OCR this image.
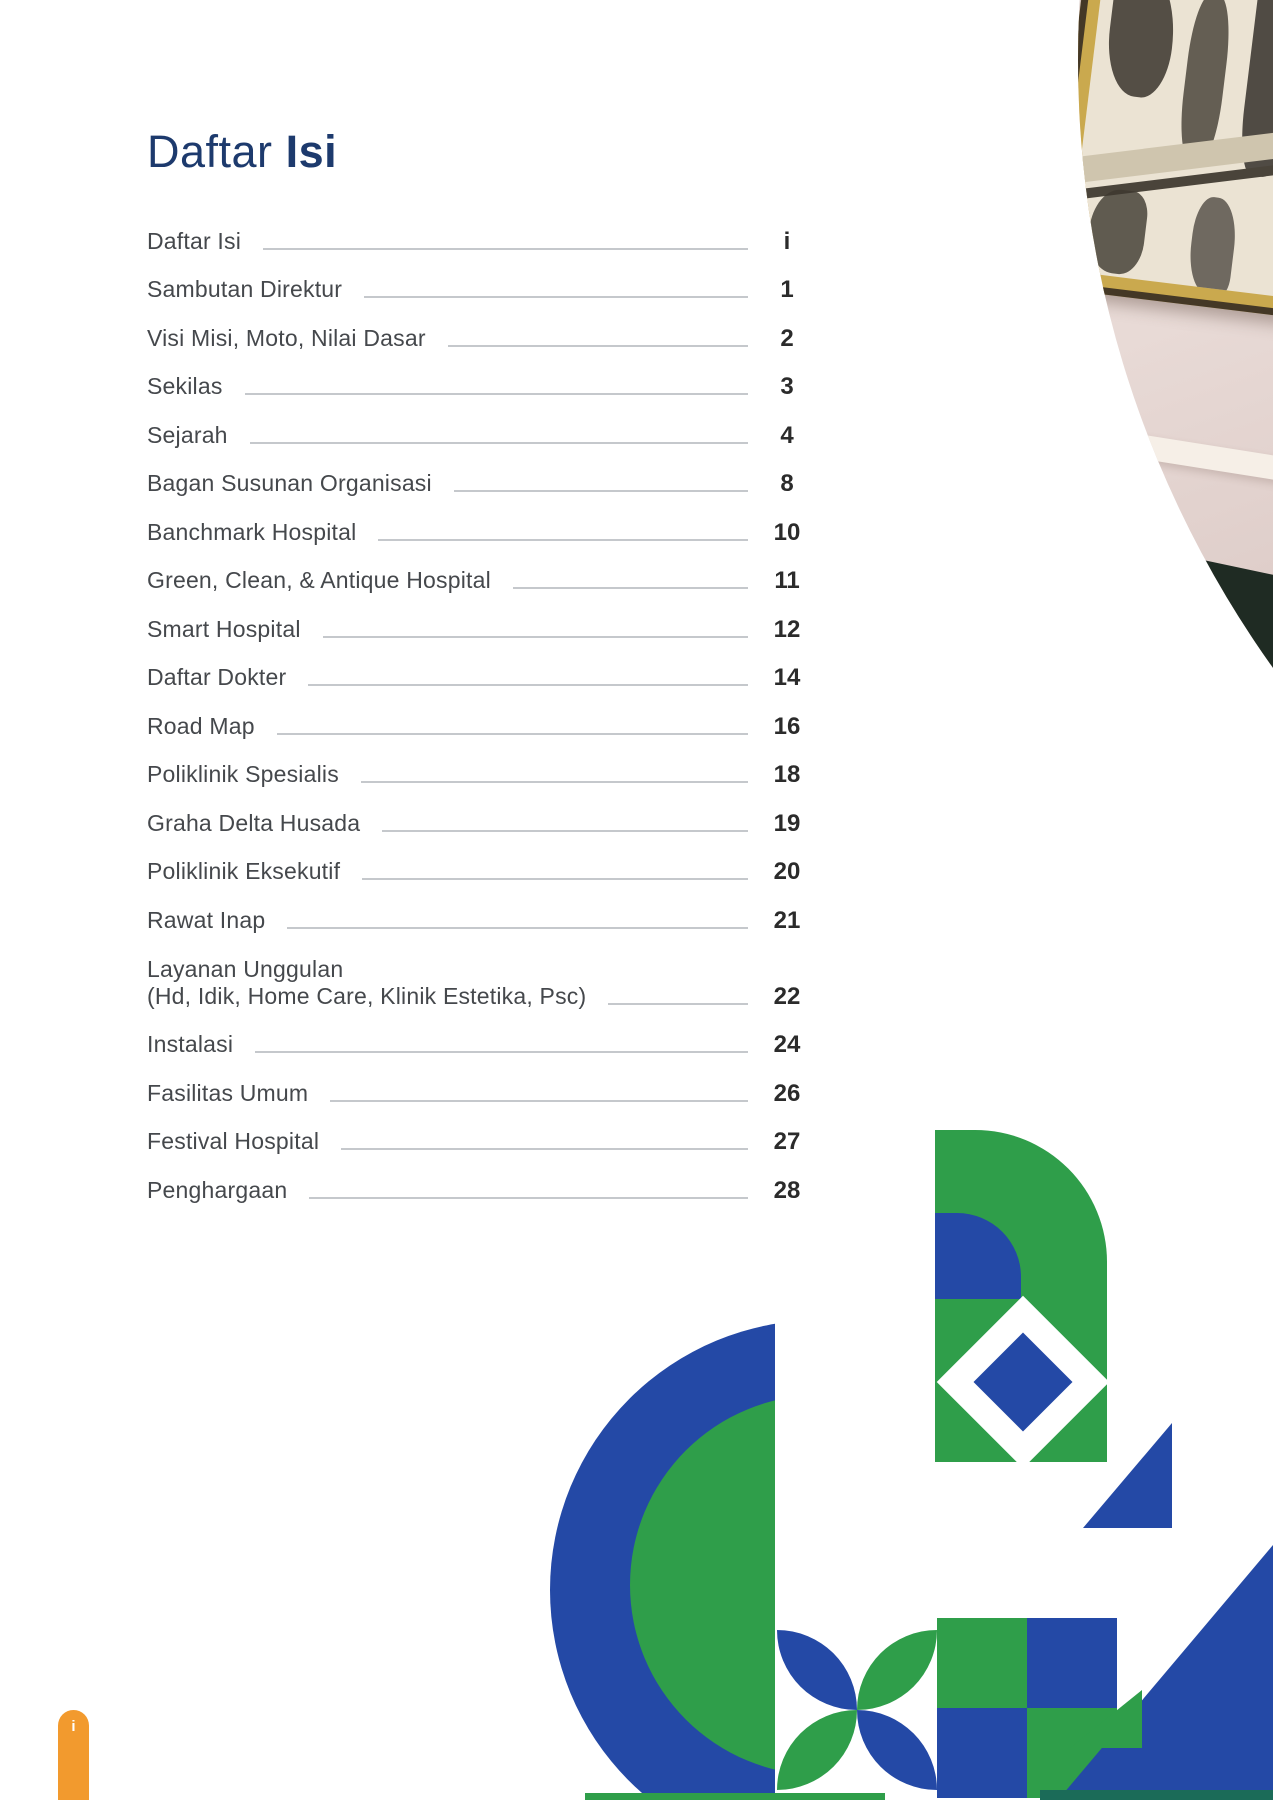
Daftar Isi
Daftar Isi	i
Sambutan Direktur	1
Visi Misi, Moto, Nilai Dasar	2
Sekilas	3
Sejarah	4
Bagan Susunan Organisasi	8
Banchmark Hospital	10
Green, Clean, & Antique Hospital	11
Smart Hospital	12
Daftar Dokter	14
Road Map	16
Poliklinik Spesialis	18
Graha Delta Husada	19
Poliklinik Eksekutif	20
Rawat Inap	21
Layanan Unggulan
(Hd, Idik, Home Care, Klinik Estetika, Psc)	22
Instalasi	24
Fasilitas Umum	26
Festival Hospital	27
Penghargaan	28
i
